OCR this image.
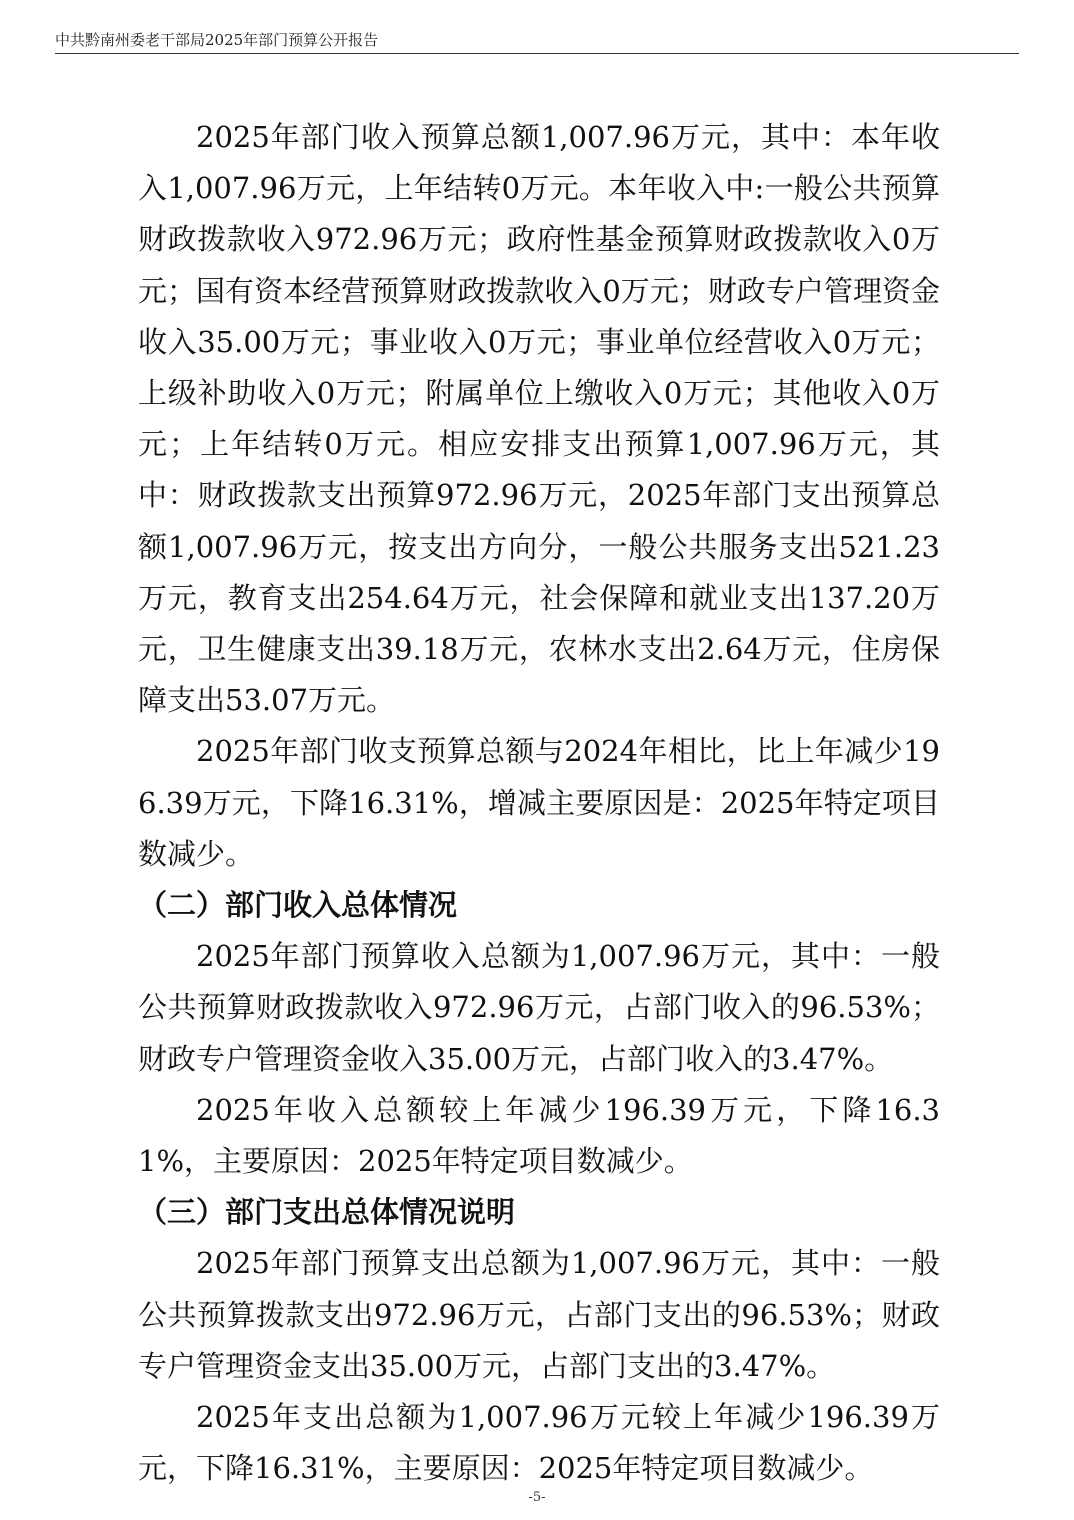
中共黔南州委老干部局2025年部门预算公开报告

2025年部门收入预算总额1,007.96万元，其中：本年收入1,007.96万元，上年结转0万元。本年收入中:一般公共预算财政拨款收入972.96万元；政府性基金预算财政拨款收入0万元；国有资本经营预算财政拨款收入0万元；财政专户管理资金收入35.00万元；事业收入0万元；事业单位经营收入0万元；上级补助收入0万元；附属单位上缴收入0万元；其他收入0万元；上年结转0万元。相应安排支出预算1,007.96万元，其中：财政拨款支出预算972.96万元，2025年部门支出预算总额1,007.96万元，按支出方向分，一般公共服务支出521.23万元，教育支出254.64万元，社会保障和就业支出137.20万元，卫生健康支出39.18万元，农林水支出2.64万元，住房保障支出53.07万元。

2025年部门收支预算总额与2024年相比，比上年减少196.39万元，下降16.31%，增减主要原因是：2025年特定项目数减少。

（二）部门收入总体情况

2025年部门预算收入总额为1,007.96万元，其中：一般公共预算财政拨款收入972.96万元，占部门收入的96.53%；财政专户管理资金收入35.00万元，占部门收入的3.47%。

2025年收入总额较上年减少196.39万元，下降16.31%，主要原因：2025年特定项目数减少。

（三）部门支出总体情况说明

2025年部门预算支出总额为1,007.96万元，其中：一般公共预算拨款支出972.96万元，占部门支出的96.53%；财政专户管理资金支出35.00万元，占部门支出的3.47%。

2025年支出总额为1,007.96万元较上年减少196.39万元，下降16.31%，主要原因：2025年特定项目数减少。

-5-
